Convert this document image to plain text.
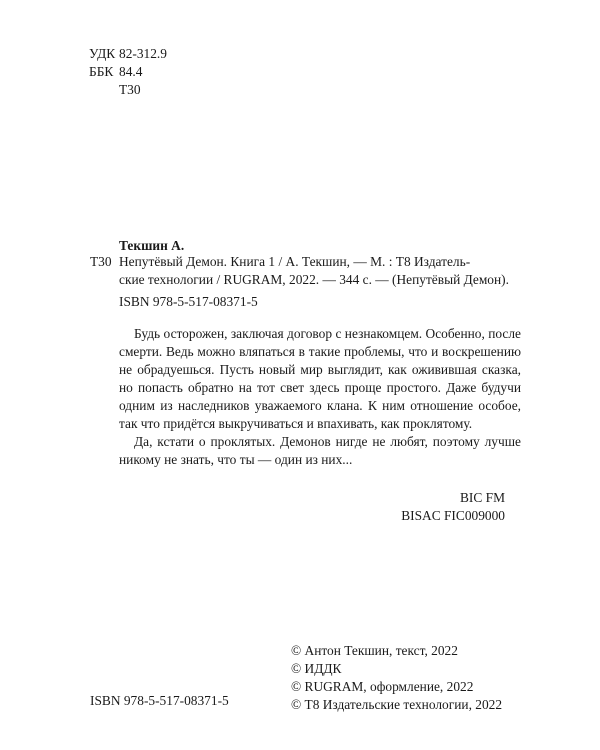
УДК 82-312.9
ББК 84.4
Т30
Текшин А.
Т30 Непутёвый Демон. Книга 1 / А. Текшин, — М. : Т8 Издатель-
ские технологии / RUGRAM, 2022. — 344 с. — (Непутёвый Демон).
ISBN 978-5-517-08371-5

Будь осторожен, заключая договор с незнакомцем. Особенно, после смерти. Ведь можно вляпаться в такие проблемы, что и воскрешению не обрадуешься. Пусть новый мир выглядит, как оживившая сказка, но попасть обратно на тот свет здесь проще простого. Даже будучи одним из наследников уважаемого клана. К ним отношение особое, так что придётся выкручиваться и впахивать, как проклятому.

Да, кстати о проклятых. Демонов нигде не любят, поэтому лучше никому не знать, что ты — один из них...

BIC FM
BISAC FIC009000
© Антон Текшин, текст, 2022
© ИДДК
© RUGRAM, оформление, 2022
© Т8 Издательские технологии, 2022
ISBN 978-5-517-08371-5
